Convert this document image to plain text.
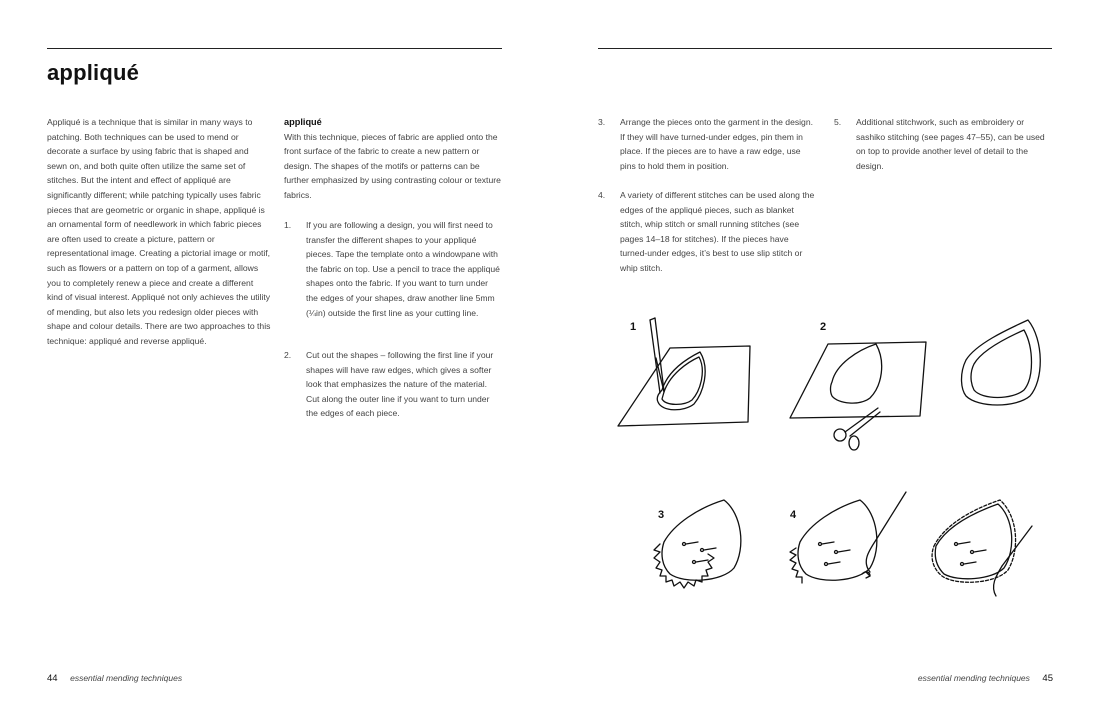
appliqué

Appliqué is a technique that is similar in many ways to patching. Both techniques can be used to mend or decorate a surface by using fabric that is shaped and sewn on, and both quite often utilize the same set of stitches. But the intent and effect of appliqué are significantly different; while patching typically uses fabric pieces that are geometric or organic in shape, appliqué is an ornamental form of needlework in which fabric pieces are often used to create a picture, pattern or representational image. Creating a pictorial image or motif, such as flowers or a pattern on top of a garment, allows you to completely renew a piece and create a different kind of visual interest. Appliqué not only achieves the utility of mending, but also lets you redesign older pieces with shape and colour details. There are two approaches to this technique: appliqué and reverse appliqué.

appliqué

With this technique, pieces of fabric are applied onto the front surface of the fabric to create a new pattern or design. The shapes of the motifs or patterns can be further emphasized by using contrasting colour or texture fabrics.

1. If you are following a design, you will first need to transfer the different shapes to your appliqué pieces. Tape the template onto a windowpane with the fabric on top. Use a pencil to trace the appliqué shapes onto the fabric. If you want to turn under the edges of your shapes, draw another line 5mm (¼in) outside the first line as your cutting line.
2. Cut out the shapes – following the first line if your shapes will have raw edges, which gives a softer look that emphasizes the nature of the material. Cut along the outer line if you want to turn under the edges of each piece.
3. Arrange the pieces onto the garment in the design. If they will have turned-under edges, pin them in place. If the pieces are to have a raw edge, use pins to hold them in position.
4. A variety of different stitches can be used along the edges of the appliqué pieces, such as blanket stitch, whip stitch or small running stitches (see pages 14–18 for stitches). If the pieces have turned-under edges, it’s best to use slip stitch or whip stitch.
5. Additional stitchwork, such as embroidery or sashiko stitching (see pages 47–55), can be used on top to provide another level of detail to the design.
1	2
3	4
44 essential mending techniques	essential mending techniques 45
